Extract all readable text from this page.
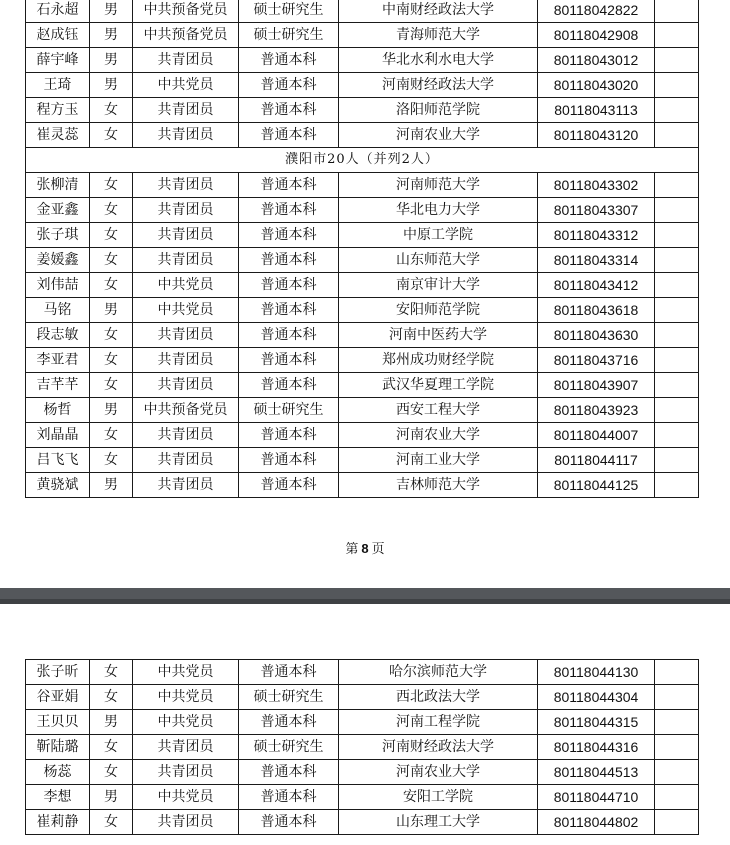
石永超	男	中共预备党员	硕士研究生	中南财经政法大学	80118042822	
赵成钰	男	中共预备党员	硕士研究生	青海师范大学	80118042908	
薛宇峰	男	共青团员	普通本科	华北水利水电大学	80118043012	
王琦	男	中共党员	普通本科	河南财经政法大学	80118043020	
程方玉	女	共青团员	普通本科	洛阳师范学院	80118043113	
崔灵蕊	女	共青团员	普通本科	河南农业大学	80118043120	
濮阳市20人（并列2人）						
张柳清	女	共青团员	普通本科	河南师范大学	80118043302	
金亚鑫	女	共青团员	普通本科	华北电力大学	80118043307	
张子琪	女	共青团员	普通本科	中原工学院	80118043312	
姜媛鑫	女	共青团员	普通本科	山东师范大学	80118043314	
刘伟喆	女	中共党员	普通本科	南京审计大学	80118043412	
马铭	男	中共党员	普通本科	安阳师范学院	80118043618	
段志敏	女	共青团员	普通本科	河南中医药大学	80118043630	
李亚君	女	共青团员	普通本科	郑州成功财经学院	80118043716	
吉芊芊	女	共青团员	普通本科	武汉华夏理工学院	80118043907	
杨哲	男	中共预备党员	硕士研究生	西安工程大学	80118043923	
刘晶晶	女	共青团员	普通本科	河南农业大学	80118044007	
吕飞飞	女	共青团员	普通本科	河南工业大学	80118044117	
黄骁斌	男	共青团员	普通本科	吉林师范大学	80118044125	
第 8 页
张子昕	女	中共党员	普通本科	哈尔滨师范大学	80118044130	
谷亚娟	女	中共党员	硕士研究生	西北政法大学	80118044304	
王贝贝	男	中共党员	普通本科	河南工程学院	80118044315	
靳陆璐	女	共青团员	硕士研究生	河南财经政法大学	80118044316	
杨蕊	女	共青团员	普通本科	河南农业大学	80118044513	
李想	男	中共党员	普通本科	安阳工学院	80118044710	
崔莉静	女	共青团员	普通本科	山东理工大学	80118044802	
